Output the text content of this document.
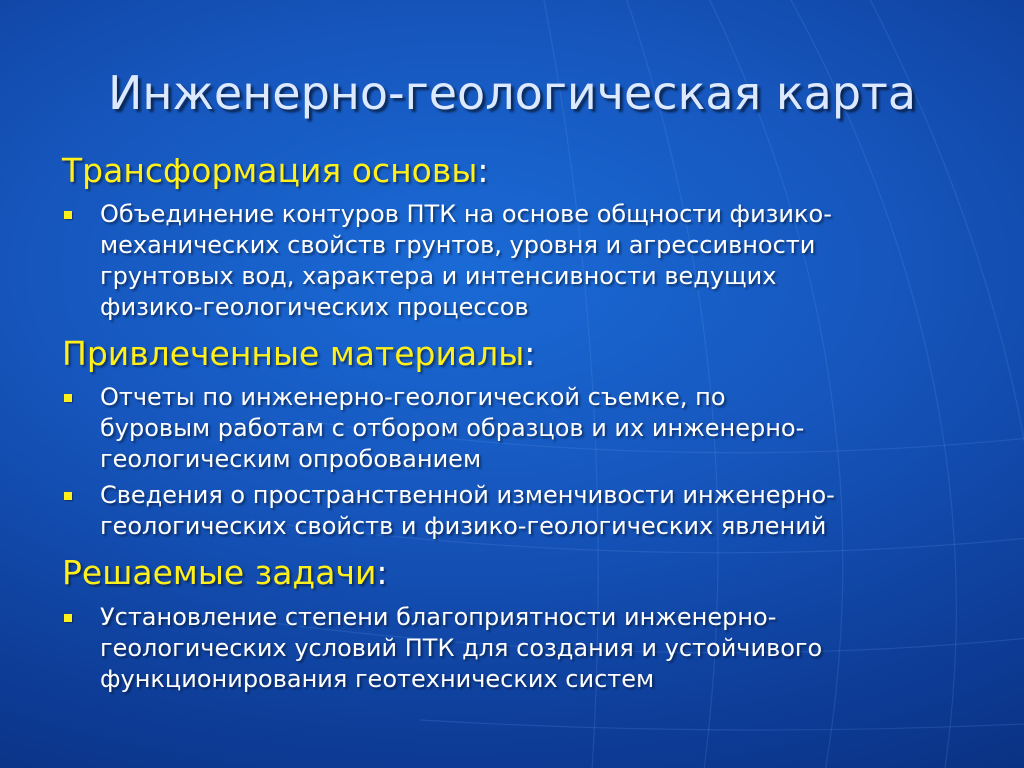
Инженерно-геологическая карта
Трансформация основы:
Объединение контуров ПТК на основе общности физико-
механических свойств грунтов, уровня и агрессивности
грунтовых вод, характера и интенсивности ведущих
физико-геологических процессов
Привлеченные материалы:
Отчеты по инженерно-геологической съемке, по
буровым работам с отбором образцов и их инженерно-
геологическим опробованием
Сведения о пространственной изменчивости инженерно-
геологических свойств и физико-геологических явлений
Решаемые задачи:
Установление степени благоприятности инженерно-
геологических условий ПТК для создания и устойчивого
функционирования геотехнических систем
